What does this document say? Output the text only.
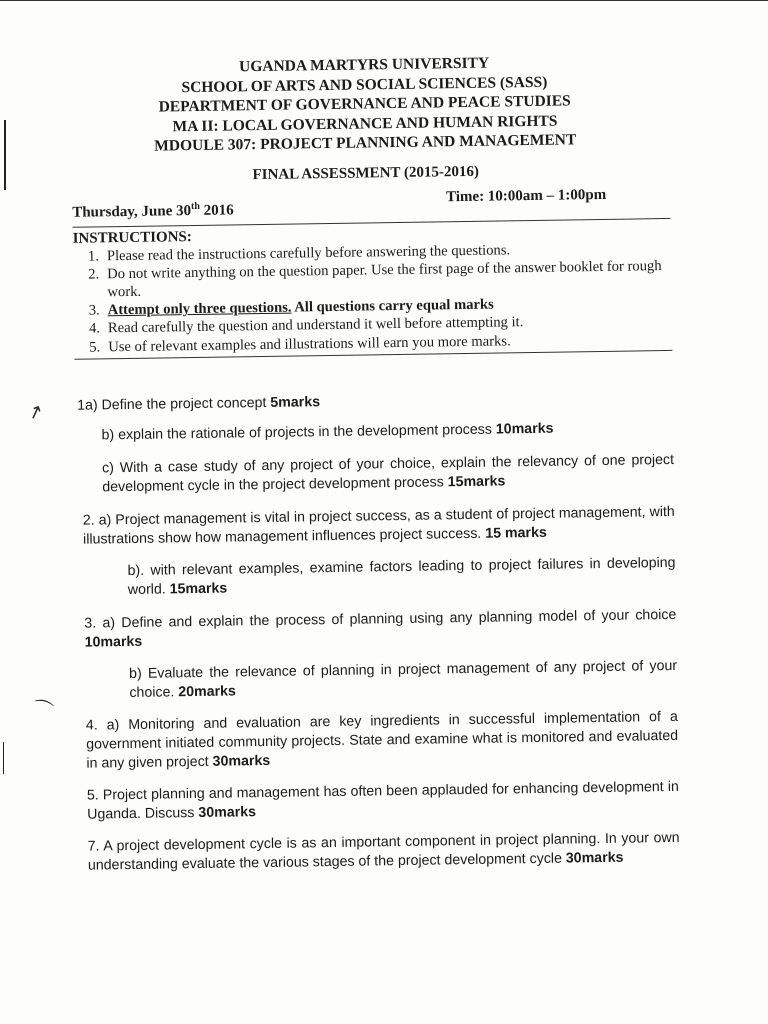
↗
⌒
UGANDA MARTYRS UNIVERSITY
SCHOOL OF ARTS AND SOCIAL SCIENCES (SASS)
DEPARTMENT OF GOVERNANCE AND PEACE STUDIES
MA II: LOCAL GOVERNANCE AND HUMAN RIGHTS
MDOULE 307: PROJECT PLANNING AND MANAGEMENT
FINAL ASSESSMENT (2015-2016)
Thursday, June 30th 2016
Time: 10:00am – 1:00pm
INSTRUCTIONS:
1. Please read the instructions carefully before answering the questions.
2. Do not write anything on the question paper. Use the first page of the answer booklet for rough work.
3. Attempt only three questions. All questions carry equal marks
4. Read carefully the question and understand it well before attempting it.
5. Use of relevant examples and illustrations will earn you more marks.
1a) Define the project concept 5marks
b) explain the rationale of projects in the development process 10marks
c) With a case study of any project of your choice, explain the relevancy of one project development cycle in the project development process 15marks
2. a) Project management is vital in project success, as a student of project management, with illustrations show how management influences project success. 15 marks
b). with relevant examples, examine factors leading to project failures in developing world. 15marks
3. a) Define and explain the process of planning using any planning model of your choice 10marks
b) Evaluate the relevance of planning in project management of any project of your choice. 20marks
4. a) Monitoring and evaluation are key ingredients in successful implementation of a government initiated community projects. State and examine what is monitored and evaluated in any given project 30marks
5. Project planning and management has often been applauded for enhancing development in Uganda. Discuss 30marks
7. A project development cycle is as an important component in project planning. In your own understanding evaluate the various stages of the project development cycle 30marks
